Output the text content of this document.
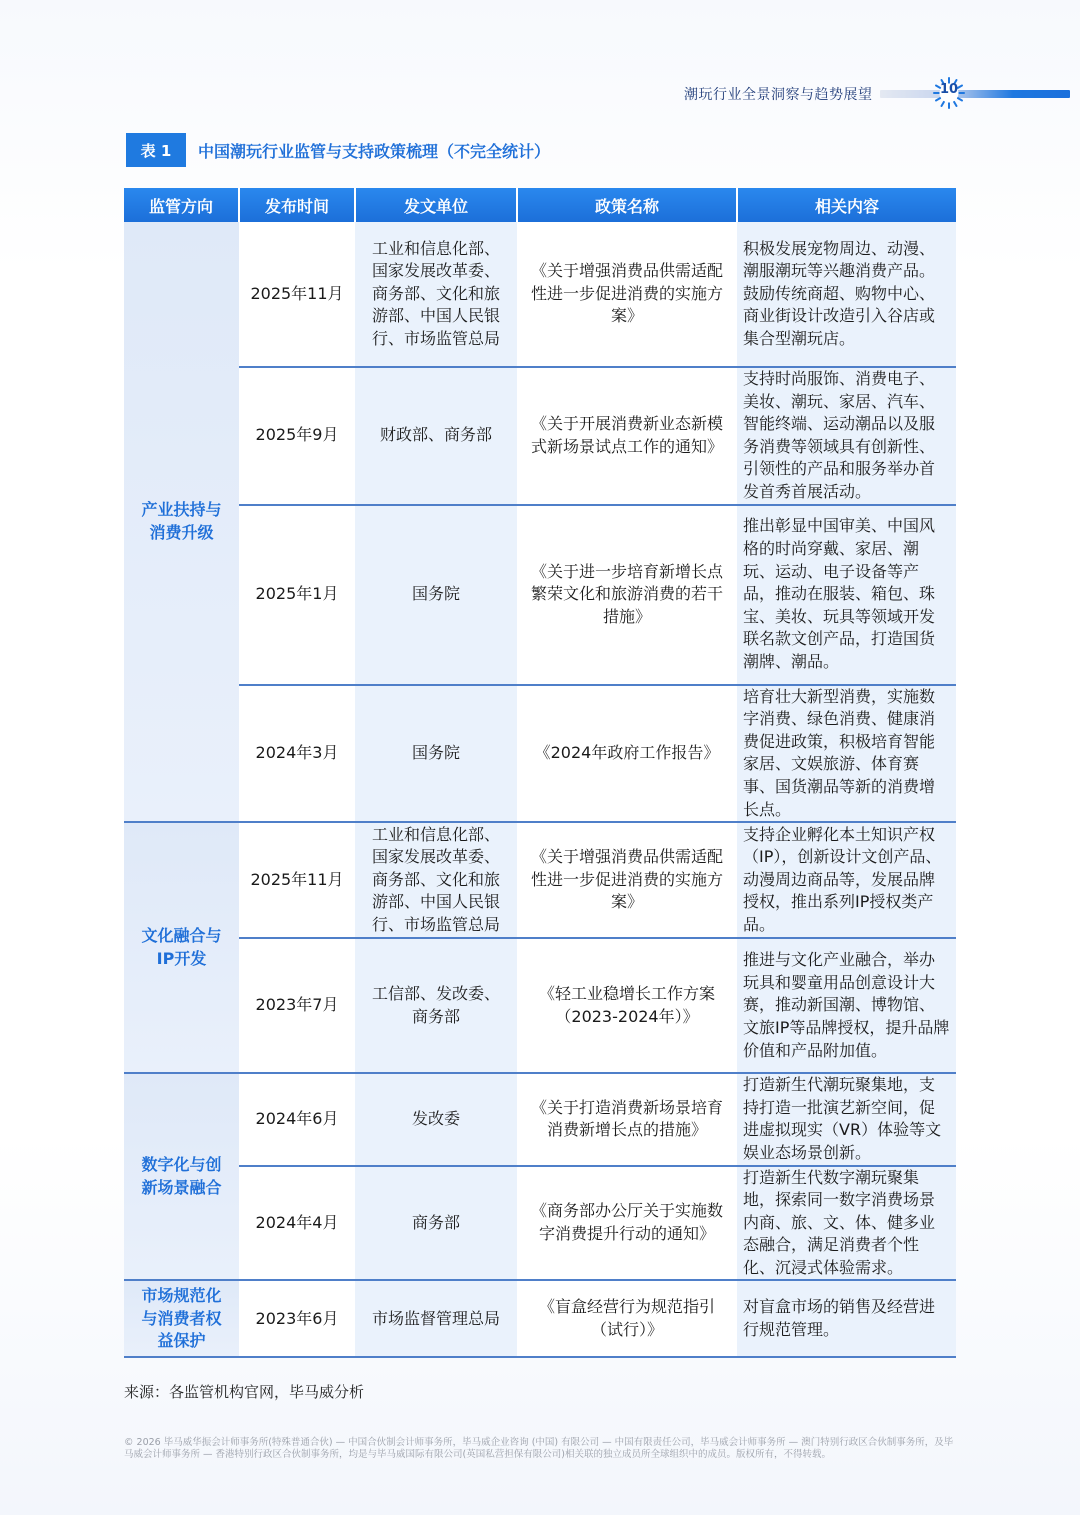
潮玩行业全景洞察与趋势展望	10
表 1	中国潮玩行业监管与支持政策梳理（不完全统计）
监管方向	发布时间	发文单位	政策名称	相关内容
产业扶持与消费升级	2025年11月	工业和信息化部、国家发展改革委、商务部、文化和旅游部、中国人民银行、市场监管总局	《关于增强消费品供需适配性进一步促进消费的实施方案》	积极发展宠物周边、动漫、潮服潮玩等兴趣消费产品。鼓励传统商超、购物中心、商业街设计改造引入谷店或集合型潮玩店。
	2025年9月	财政部、商务部	《关于开展消费新业态新模式新场景试点工作的通知》	支持时尚服饰、消费电子、美妆、潮玩、家居、汽车、智能终端、运动潮品以及服务消费等领域具有创新性、引领性的产品和服务举办首发首秀首展活动。
	2025年1月	国务院	《关于进一步培育新增长点繁荣文化和旅游消费的若干措施》	推出彰显中国审美、中国风格的时尚穿戴、家居、潮玩、运动、电子设备等产品，推动在服装、箱包、珠宝、美妆、玩具等领域开发联名款文创产品，打造国货潮牌、潮品。
	2024年3月	国务院	《2024年政府工作报告》	培育壮大新型消费，实施数字消费、绿色消费、健康消费促进政策，积极培育智能家居、文娱旅游、体育赛事、国货潮品等新的消费增长点。
文化融合与IP开发	2025年11月	工业和信息化部、国家发展改革委、商务部、文化和旅游部、中国人民银行、市场监管总局	《关于增强消费品供需适配性进一步促进消费的实施方案》	支持企业孵化本土知识产权（IP），创新设计文创产品、动漫周边商品等，发展品牌授权，推出系列IP授权类产品。
	2023年7月	工信部、发改委、商务部	《轻工业稳增长工作方案（2023-2024年）》	推进与文化产业融合，举办玩具和婴童用品创意设计大赛，推动新国潮、博物馆、文旅IP等品牌授权，提升品牌价值和产品附加值。
数字化与创新场景融合	2024年6月	发改委	《关于打造消费新场景培育消费新增长点的措施》	打造新生代潮玩聚集地，支持打造一批演艺新空间，促进虚拟现实（VR）体验等文娱业态场景创新。
	2024年4月	商务部	《商务部办公厅关于实施数字消费提升行动的通知》	打造新生代数字潮玩聚集地，探索同一数字消费场景内商、旅、文、体、健多业态融合，满足消费者个性化、沉浸式体验需求。
市场规范化与消费者权益保护	2023年6月	市场监督管理总局	《盲盒经营行为规范指引（试行）》	对盲盒市场的销售及经营进行规范管理。
来源：各监管机构官网，毕马威分析
© 2026 毕马威华振会计师事务所(特殊普通合伙) — 中国合伙制会计师事务所，毕马威企业咨询 (中国) 有限公司 — 中国有限责任公司，毕马威会计师事务所 — 澳门特别行政区合伙制事务所，及毕马威会计师事务所 — 香港特别行政区合伙制事务所，均是与毕马威国际有限公司(英国私营担保有限公司)相关联的独立成员所全球组织中的成员。版权所有，不得转载。
